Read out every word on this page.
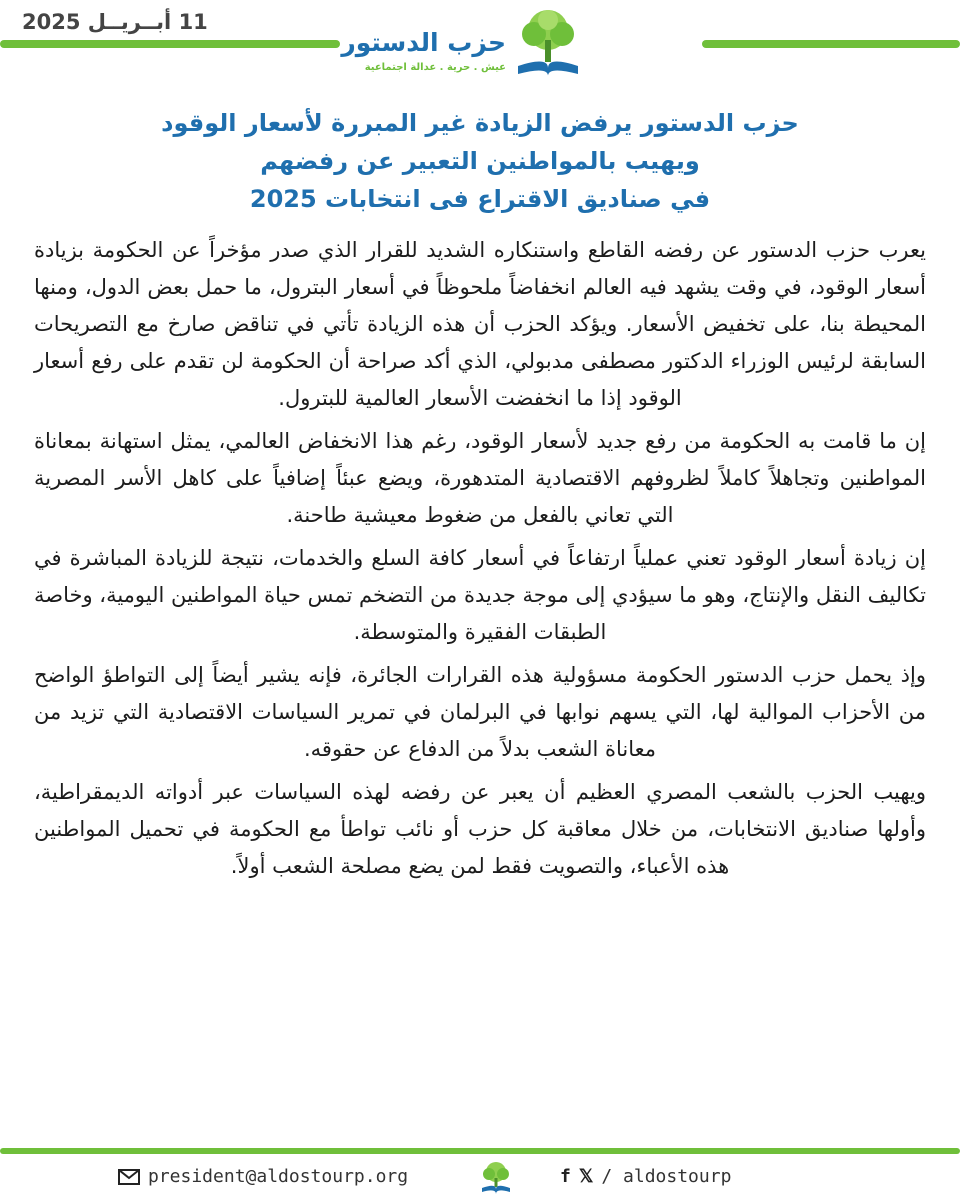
11 أبــريــل 2025
حزب الدستور
عيش . حرية . عدالة اجتماعية
حزب الدستور يرفض الزيادة غير المبررة لأسعار الوقود
ويهيب بالمواطنين التعبير عن رفضهم
في صناديق الاقتراع فى انتخابات 2025

يعرب حزب الدستور عن رفضه القاطع واستنكاره الشديد للقرار الذي صدر مؤخراً عن الحكومة بزيادة أسعار الوقود، في وقت يشهد فيه العالم انخفاضاً ملحوظاً في أسعار البترول، ما حمل بعض الدول، ومنها المحيطة بنا، على تخفيض الأسعار. ويؤكد الحزب أن هذه الزيادة تأتي في تناقض صارخ مع التصريحات السابقة لرئيس الوزراء الدكتور مصطفى مدبولي، الذي أكد صراحة أن الحكومة لن تقدم على رفع أسعار الوقود إذا ما انخفضت الأسعار العالمية للبترول.

إن ما قامت به الحكومة من رفع جديد لأسعار الوقود، رغم هذا الانخفاض العالمي، يمثل استهانة بمعاناة المواطنين وتجاهلاً كاملاً لظروفهم الاقتصادية المتدهورة، ويضع عبئاً إضافياً على كاهل الأسر المصرية التي تعاني بالفعل من ضغوط معيشية طاحنة.

إن زيادة أسعار الوقود تعني عملياً ارتفاعاً في أسعار كافة السلع والخدمات، نتيجة للزيادة المباشرة في تكاليف النقل والإنتاج، وهو ما سيؤدي إلى موجة جديدة من التضخم تمس حياة المواطنين اليومية، وخاصة الطبقات الفقيرة والمتوسطة.

وإذ يحمل حزب الدستور الحكومة مسؤولية هذه القرارات الجائرة، فإنه يشير أيضاً إلى التواطؤ الواضح من الأحزاب الموالية لها، التي يسهم نوابها في البرلمان في تمرير السياسات الاقتصادية التي تزيد من معاناة الشعب بدلاً من الدفاع عن حقوقه.

ويهيب الحزب بالشعب المصري العظيم أن يعبر عن رفضه لهذه السياسات عبر أدواته الديمقراطية، وأولها صناديق الانتخابات، من خلال معاقبة كل حزب أو نائب تواطأ مع الحكومة في تحميل المواطنين هذه الأعباء، والتصويت فقط لمن يضع مصلحة الشعب أولاً.

president@aldostourp.org	f 𝕏 / aldostourp
